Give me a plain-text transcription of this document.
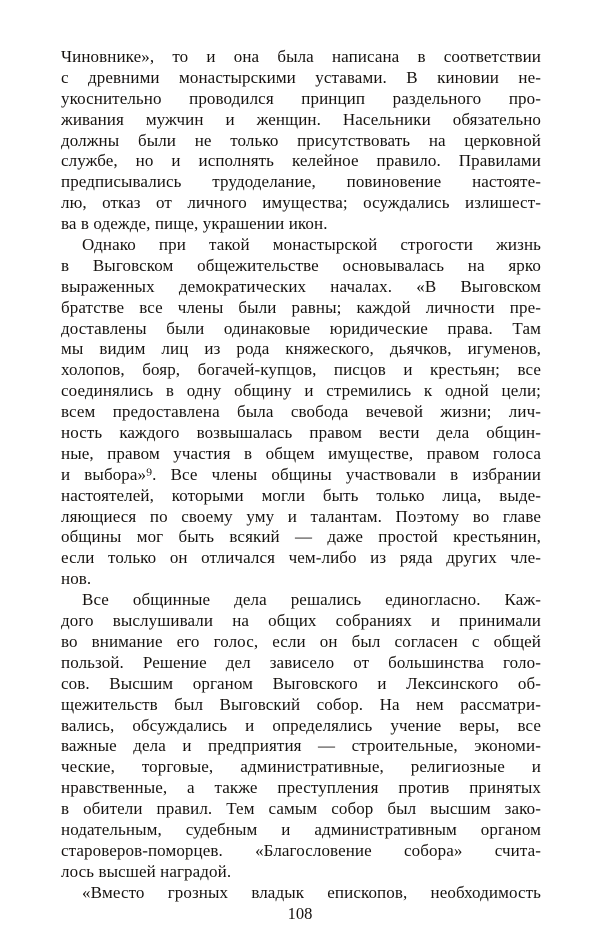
Чиновнике», то и она была написана в соответствии
с древними монастырскими уставами. В киновии не-
укоснительно проводился принцип раздельного про-
живания мужчин и женщин. Насельники обязательно
должны были не только присутствовать на церковной
службе, но и исполнять келейное правило. Правилами
предписывались трудоделание, повиновение настояте-
лю, отказ от личного имущества; осуждались излишест-
ва в одежде, пище, украшении икон.
Однако при такой монастырской строгости жизнь
в Выговском общежительстве основывалась на ярко
выраженных демократических началах. «В Выговском
братстве все члены были равны; каждой личности пре-
доставлены были одинаковые юридические права. Там
мы видим лиц из рода княжеского, дьячков, игуменов,
холопов, бояр, богачей-купцов, писцов и крестьян; все
соединялись в одну общину и стремились к одной цели;
всем предоставлена была свобода вечевой жизни; лич-
ность каждого возвышалась правом вести дела общин-
ные, правом участия в общем имуществе, правом голоса
и выбора»⁹. Все члены общины участвовали в избрании
настоятелей, которыми могли быть только лица, выде-
ляющиеся по своему уму и талантам. Поэтому во главе
общины мог быть всякий — даже простой крестьянин,
если только он отличался чем-либо из ряда других чле-
нов.
Все общинные дела решались единогласно. Каж-
дого выслушивали на общих собраниях и принимали
во внимание его голос, если он был согласен с общей
пользой. Решение дел зависело от большинства голо-
сов. Высшим органом Выговского и Лексинского об-
щежительств был Выговский собор. На нем рассматри-
вались, обсуждались и определялись учение веры, все
важные дела и предприятия — строительные, экономи-
ческие, торговые, административные, религиозные и
нравственные, а также преступления против принятых
в обители правил. Тем самым собор был высшим зако-
нодательным, судебным и административным органом
староверов-поморцев. «Благословение собора» счита-
лось высшей наградой.
«Вместо грозных владык епископов, необходимость
108
